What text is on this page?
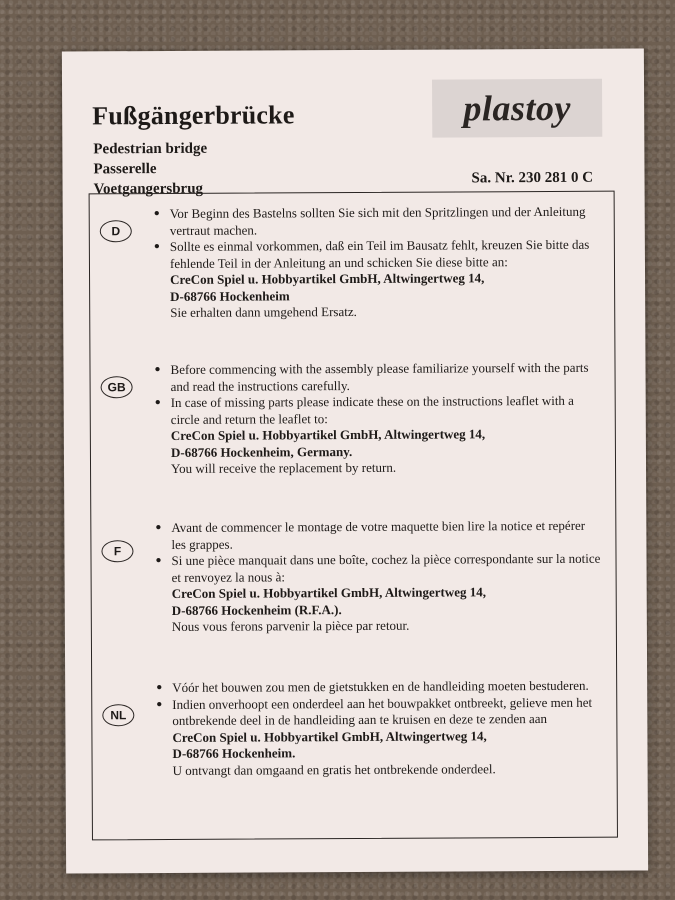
Fußgängerbrücke
Pedestrian bridge
Passerelle
Voetgangersbrug
plastoy
Sa. Nr. 230 281 0 C
D
● Vor Beginn des Bastelns sollten Sie sich mit den Spritzlingen und der Anleitung vertraut machen.
● Sollte es einmal vorkommen, daß ein Teil im Bausatz fehlt, kreuzen Sie bitte das fehlende Teil in der Anleitung an und schicken Sie diese bitte an:
CreCon Spiel u. Hobbyartikel GmbH, Altwingertweg 14,
D-68766 Hockenheim
Sie erhalten dann umgehend Ersatz.
GB
● Before commencing with the assembly please familiarize yourself with the parts and read the instructions carefully.
● In case of missing parts please indicate these on the instructions leaflet with a circle and return the leaflet to:
CreCon Spiel u. Hobbyartikel GmbH, Altwingertweg 14,
D-68766 Hockenheim, Germany.
You will receive the replacement by return.
F
● Avant de commencer le montage de votre maquette bien lire la notice et repérer les grappes.
● Si une pièce manquait dans une boîte, cochez la pièce correspondante sur la notice et renvoyez la nous à:
CreCon Spiel u. Hobbyartikel GmbH, Altwingertweg 14,
D-68766 Hockenheim (R.F.A.).
Nous vous ferons parvenir la pièce par retour.
NL
● Vóór het bouwen zou men de gietstukken en de handleiding moeten bestuderen.
● Indien onverhoopt een onderdeel aan het bouwpakket ontbreekt, gelieve men het ontbrekende deel in de handleiding aan te kruisen en deze te zenden aan
CreCon Spiel u. Hobbyartikel GmbH, Altwingertweg 14,
D-68766 Hockenheim.
U ontvangt dan omgaand en gratis het ontbrekende onderdeel.
